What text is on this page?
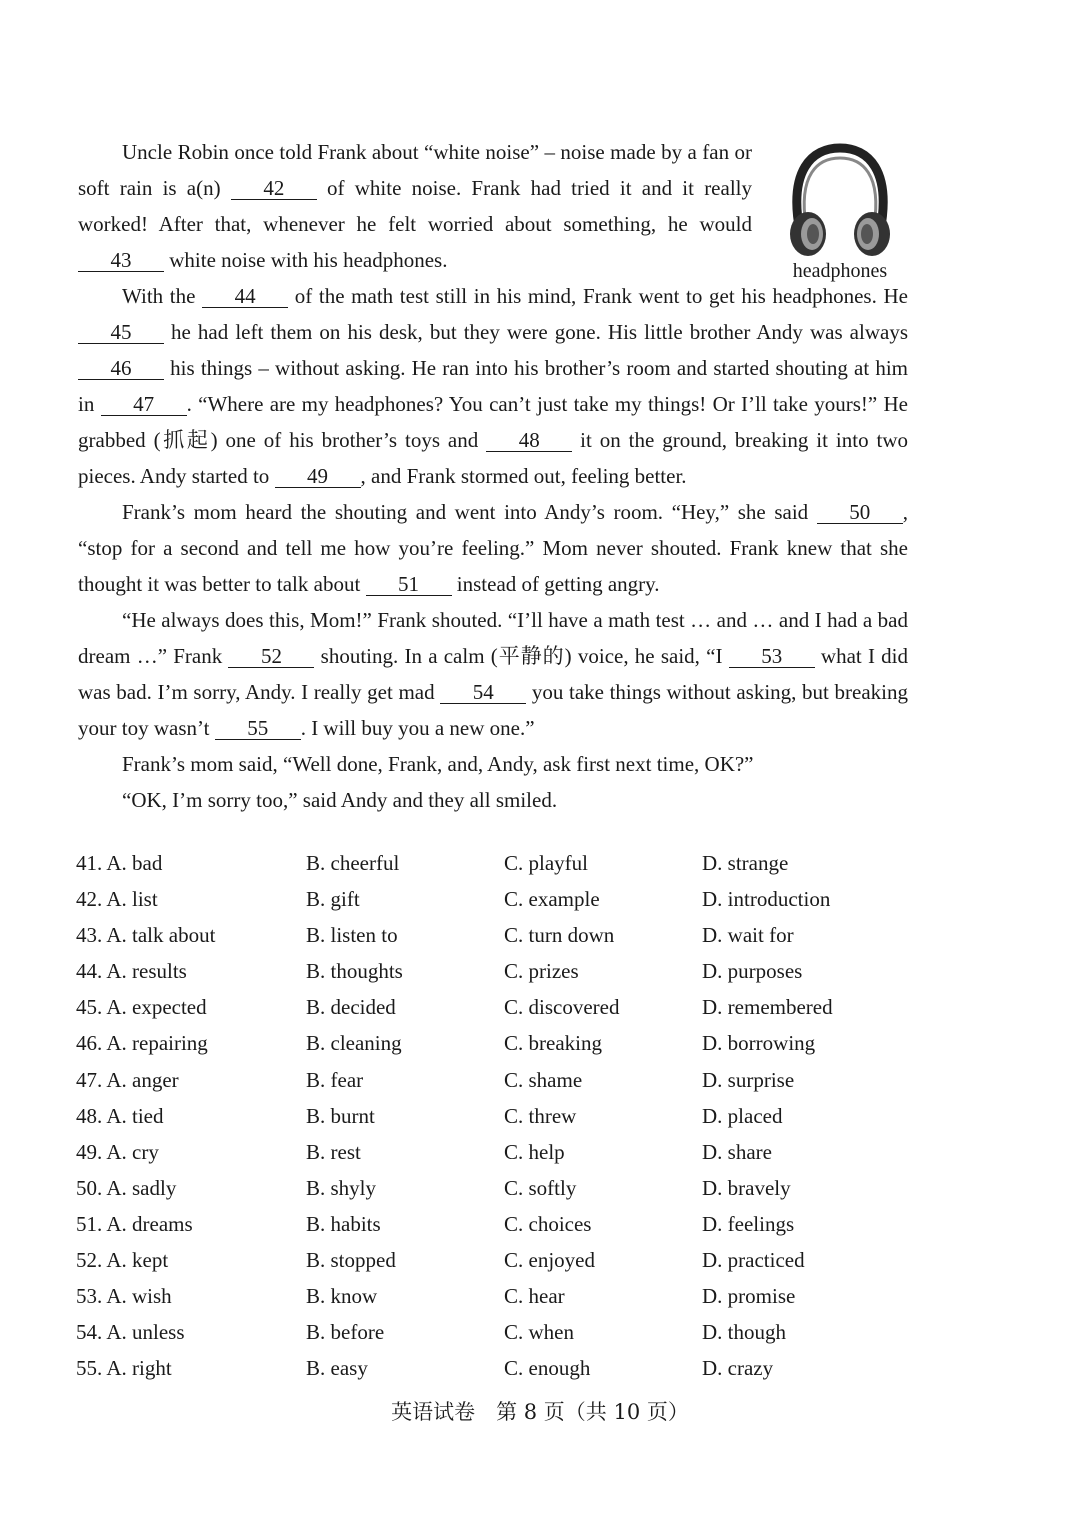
Uncle Robin once told Frank about “white noise” – noise made by a fan or soft rain is a(n) 42 of white noise. Frank had tried it and it really worked! After that, whenever he felt worried about something, he would 43 white noise with his headphones.

With the 44 of the math test still in his mind, Frank went to get his headphones. He 45 he had left them on his desk, but they were gone. His little brother Andy was always 46 his things – without asking. He ran into his brother’s room and started shouting at him in 47 . “Where are my headphones? You can’t just take my things! Or I’ll take yours!” He grabbed (抓起) one of his brother’s toys and 48 it on the ground, breaking it into two pieces. Andy started to 49 , and Frank stormed out, feeling better.

Frank’s mom heard the shouting and went into Andy’s room. “Hey,” she said 50 , “stop for a second and tell me how you’re feeling.” Mom never shouted. Frank knew that she thought it was better to talk about 51 instead of getting angry.

“He always does this, Mom!” Frank shouted. “I’ll have a math test … and … and I had a bad dream …” Frank 52 shouting. In a calm (平静的) voice, he said, “I 53 what I did was bad. I’m sorry, Andy. I really get mad 54 you take things without asking, but breaking your toy wasn’t 55 . I will buy you a new one.”

Frank’s mom said, “Well done, Frank, and, Andy, ask first next time, OK?”

“OK, I’m sorry too,” said Andy and they all smiled.

headphones
41. A. bad	B. cheerful	C. playful	D. strange
42. A. list	B. gift	C. example	D. introduction
43. A. talk about	B. listen to	C. turn down	D. wait for
44. A. results	B. thoughts	C. prizes	D. purposes
45. A. expected	B. decided	C. discovered	D. remembered
46. A. repairing	B. cleaning	C. breaking	D. borrowing
47. A. anger	B. fear	C. shame	D. surprise
48. A. tied	B. burnt	C. threw	D. placed
49. A. cry	B. rest	C. help	D. share
50. A. sadly	B. shyly	C. softly	D. bravely
51. A. dreams	B. habits	C. choices	D. feelings
52. A. kept	B. stopped	C. enjoyed	D. practiced
53. A. wish	B. know	C. hear	D. promise
54. A. unless	B. before	C. when	D. though
55. A. right	B. easy	C. enough	D. crazy
英语试卷　第 8 页（共 10 页）
